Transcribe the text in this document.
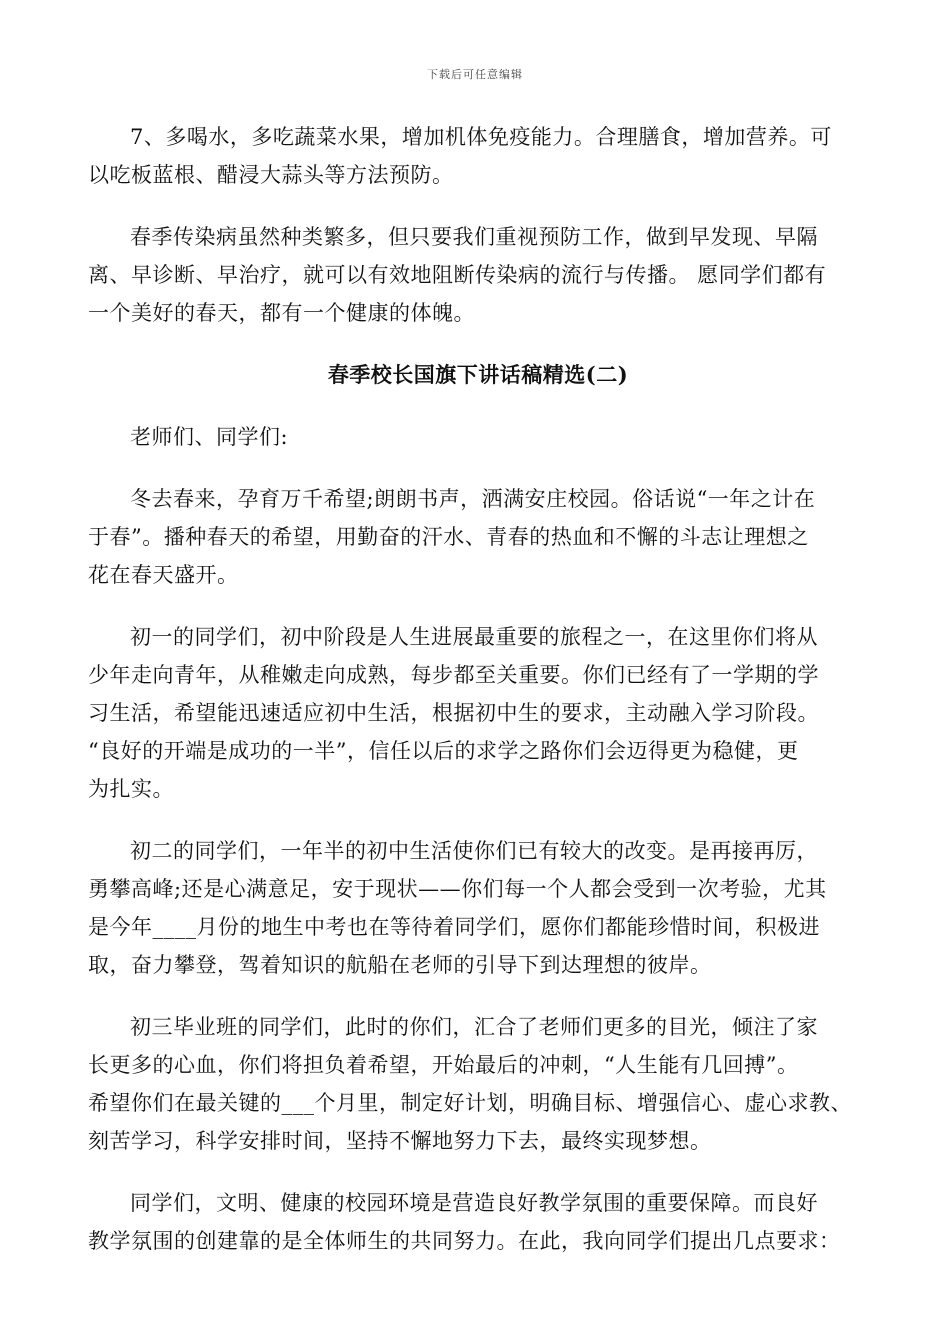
下载后可任意编辑

7、多喝水，多吃蔬菜水果，增加机体免疫能力。合理膳食，增加营养。可
以吃板蓝根、醋浸大蒜头等方法预防。

春季传染病虽然种类繁多，但只要我们重视预防工作，做到早发现、早隔
离、早诊断、早治疗，就可以有效地阻断传染病的流行与传播。 愿同学们都有
一个美好的春天，都有一个健康的体魄。

春季校长国旗下讲话稿精选(二)

老师们、同学们:

冬去春来，孕育万千希望;朗朗书声，洒满安庄校园。俗话说“一年之计在
于春”。播种春天的希望，用勤奋的汗水、青春的热血和不懈的斗志让理想之
花在春天盛开。

初一的同学们，初中阶段是人生进展最重要的旅程之一，在这里你们将从
少年走向青年，从稚嫩走向成熟，每步都至关重要。你们已经有了一学期的学
习生活，希望能迅速适应初中生活，根据初中生的要求，主动融入学习阶段。
“良好的开端是成功的一半”，信任以后的求学之路你们会迈得更为稳健，更
为扎实。

初二的同学们，一年半的初中生活使你们已有较大的改变。是再接再厉，
勇攀高峰;还是心满意足，安于现状——你们每一个人都会受到一次考验，尤其
是今年____月份的地生中考也在等待着同学们，愿你们都能珍惜时间，积极进
取，奋力攀登，驾着知识的航船在老师的引导下到达理想的彼岸。

初三毕业班的同学们，此时的你们，汇合了老师们更多的目光，倾注了家
长更多的心血，你们将担负着希望，开始最后的冲刺，“人生能有几回搏”。
希望你们在最关键的___个月里，制定好计划，明确目标、增强信心、虚心求教、
刻苦学习，科学安排时间，坚持不懈地努力下去，最终实现梦想。

同学们，文明、健康的校园环境是营造良好教学氛围的重要保障。而良好
教学氛围的创建靠的是全体师生的共同努力。在此，我向同学们提出几点要求：
